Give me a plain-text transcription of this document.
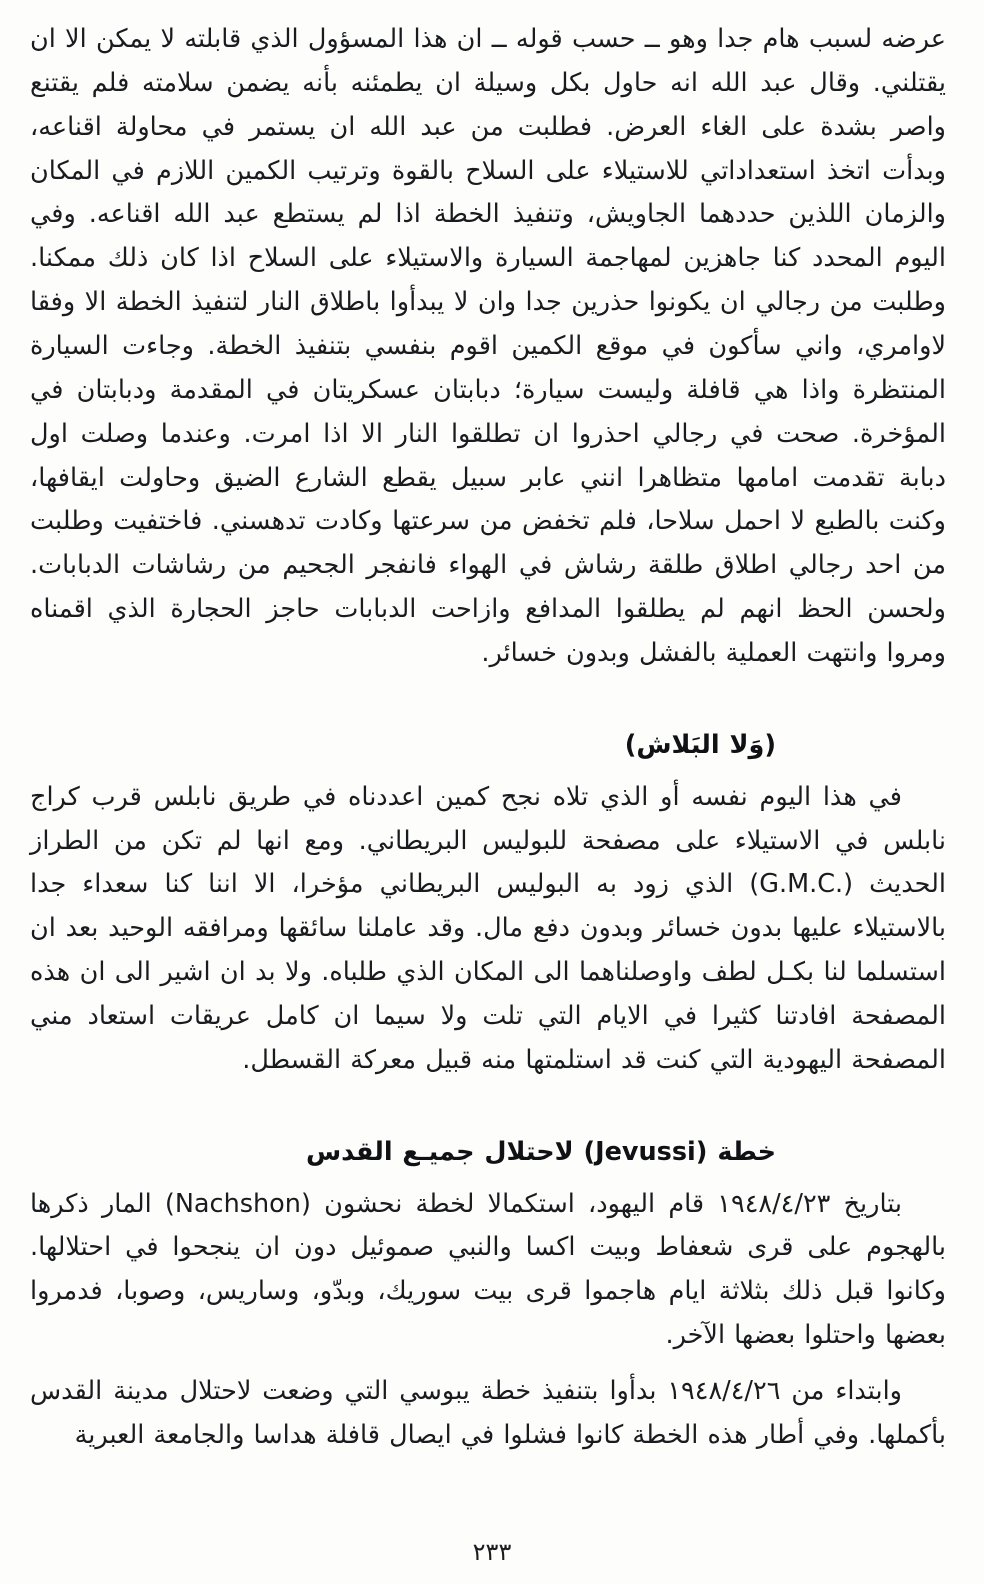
عرضه لسبب هام جدا وهو ــ حسب قوله ــ ان هذا المسؤول الذي قابلته لا يمكن الا ان يقتلني. وقال عبد الله انه حاول بكل وسيلة ان يطمئنه بأنه يضمن سلامته فلم يقتنع واصر بشدة على الغاء العرض. فطلبت من عبد الله ان يستمر في محاولة اقناعه، وبدأت اتخذ استعداداتي للاستيلاء على السلاح بالقوة وترتيب الكمين اللازم في المكان والزمان اللذين حددهما الجاويش، وتنفيذ الخطة اذا لم يستطع عبد الله اقناعه. وفي اليوم المحدد كنا جاهزين لمهاجمة السيارة والاستيلاء على السلاح اذا كان ذلك ممكنا. وطلبت من رجالي ان يكونوا حذرين جدا وان لا يبدأوا باطلاق النار لتنفيذ الخطة الا وفقا لاوامري، واني سأكون في موقع الكمين اقوم بنفسي بتنفيذ الخطة. وجاءت السيارة المنتظرة واذا هي قافلة وليست سيارة؛ دبابتان عسكريتان في المقدمة ودبابتان في المؤخرة. صحت في رجالي احذروا ان تطلقوا النار الا اذا امرت. وعندما وصلت اول دبابة تقدمت امامها متظاهرا انني عابر سبيل يقطع الشارع الضيق وحاولت ايقافها، وكنت بالطبع لا احمل سلاحا، فلم تخفض من سرعتها وكادت تدهسني. فاختفيت وطلبت من احد رجالي اطلاق طلقة رشاش في الهواء فانفجر الجحيم من رشاشات الدبابات. ولحسن الحظ انهم لم يطلقوا المدافع وازاحت الدبابات حاجز الحجارة الذي اقمناه ومروا وانتهت العملية بالفشل وبدون خسائر.

(وَلا البَلاش)

في هذا اليوم نفسه أو الذي تلاه نجح كمين اعددناه في طريق نابلس قرب كراج نابلس في الاستيلاء على مصفحة للبوليس البريطاني. ومع انها لم تكن من الطراز الحديث (.G.M.C) الذي زود به البوليس البريطاني مؤخرا، الا اننا كنا سعداء جدا بالاستيلاء عليها بدون خسائر وبدون دفع مال. وقد عاملنا سائقها ومرافقه الوحيد بعد ان استسلما لنا بكـل لطف واوصلناهما الى المكان الذي طلباه. ولا بد ان اشير الى ان هذه المصفحة افادتنا كثيرا في الايام التي تلت ولا سيما ان كامل عريقات استعاد مني المصفحة اليهودية التي كنت قد استلمتها منه قبيل معركة القسطل.

خطة (Jevussi) لاحتلال جميـع القدس

بتاريخ ١٩٤٨/٤/٢٣ قام اليهود، استكمالا لخطة نحشون (Nachshon) المار ذكرها بالهجوم على قرى شعفاط وبيت اكسا والنبي صموئيل دون ان ينجحوا في احتلالها. وكانوا قبل ذلك بثلاثة ايام هاجموا قرى بيت سوريك، وبدّو، وساريس، وصوبا، فدمروا بعضها واحتلوا بعضها الآخر.

وابتداء من ١٩٤٨/٤/٢٦ بدأوا بتنفيذ خطة يبوسي التي وضعت لاحتلال مدينة القدس بأكملها. وفي أطار هذه الخطة كانوا فشلوا في ايصال قافلة هداسا والجامعة العبرية

٢٣٣
